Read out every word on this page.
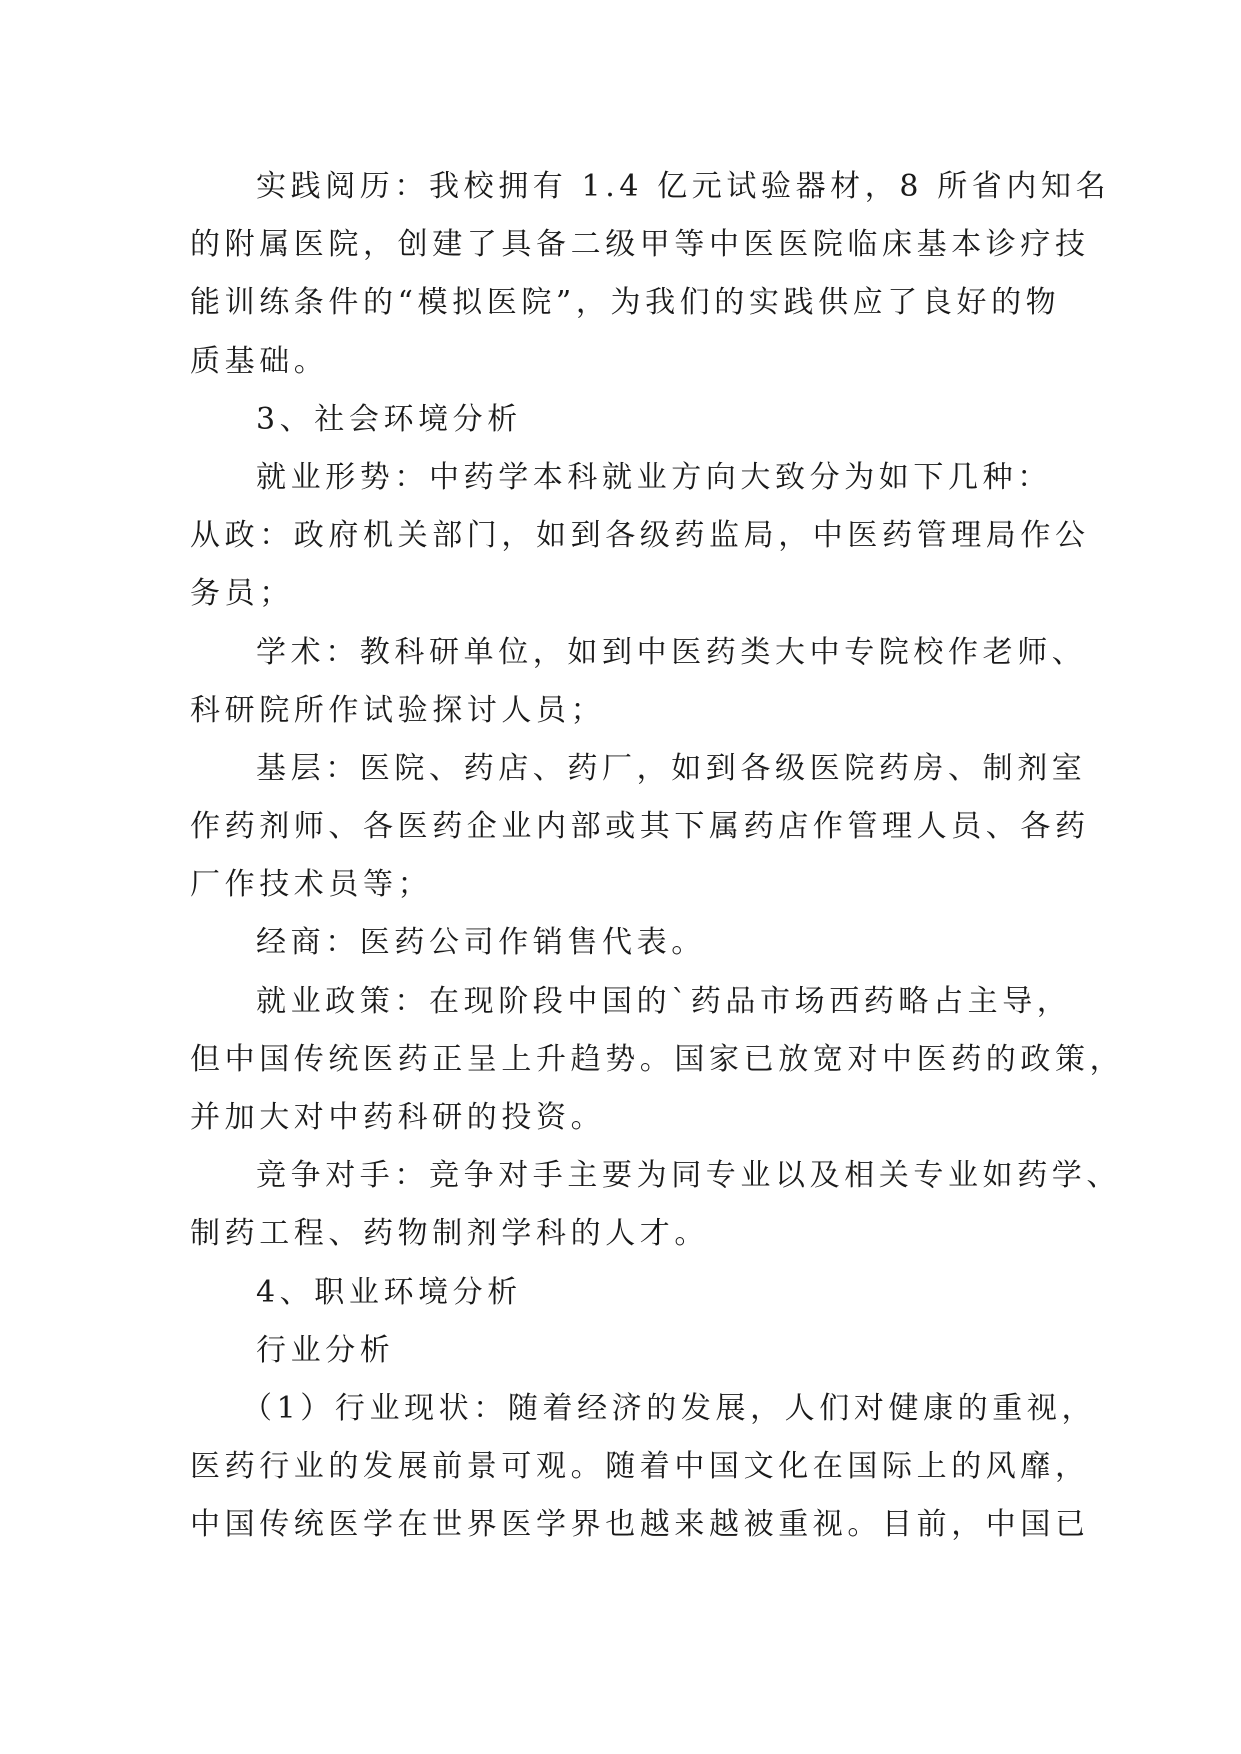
实践阅历：我校拥有 1.4 亿元试验器材，8 所省内知名
的附属医院，创建了具备二级甲等中医医院临床基本诊疗技
能训练条件的“模拟医院”，为我们的实践供应了良好的物
质基础。
3、社会环境分析
就业形势：中药学本科就业方向大致分为如下几种：
从政：政府机关部门，如到各级药监局，中医药管理局作公
务员；
学术：教科研单位，如到中医药类大中专院校作老师、
科研院所作试验探讨人员；
基层：医院、药店、药厂，如到各级医院药房、制剂室
作药剂师、各医药企业内部或其下属药店作管理人员、各药
厂作技术员等；
经商：医药公司作销售代表。
就业政策：在现阶段中国的`药品市场西药略占主导，
但中国传统医药正呈上升趋势。国家已放宽对中医药的政策，
并加大对中药科研的投资。
竞争对手：竞争对手主要为同专业以及相关专业如药学、
制药工程、药物制剂学科的人才。
4、职业环境分析
行业分析
（1）行业现状：随着经济的发展，人们对健康的重视，
医药行业的发展前景可观。随着中国文化在国际上的风靡，
中国传统医学在世界医学界也越来越被重视。目前，中国已
